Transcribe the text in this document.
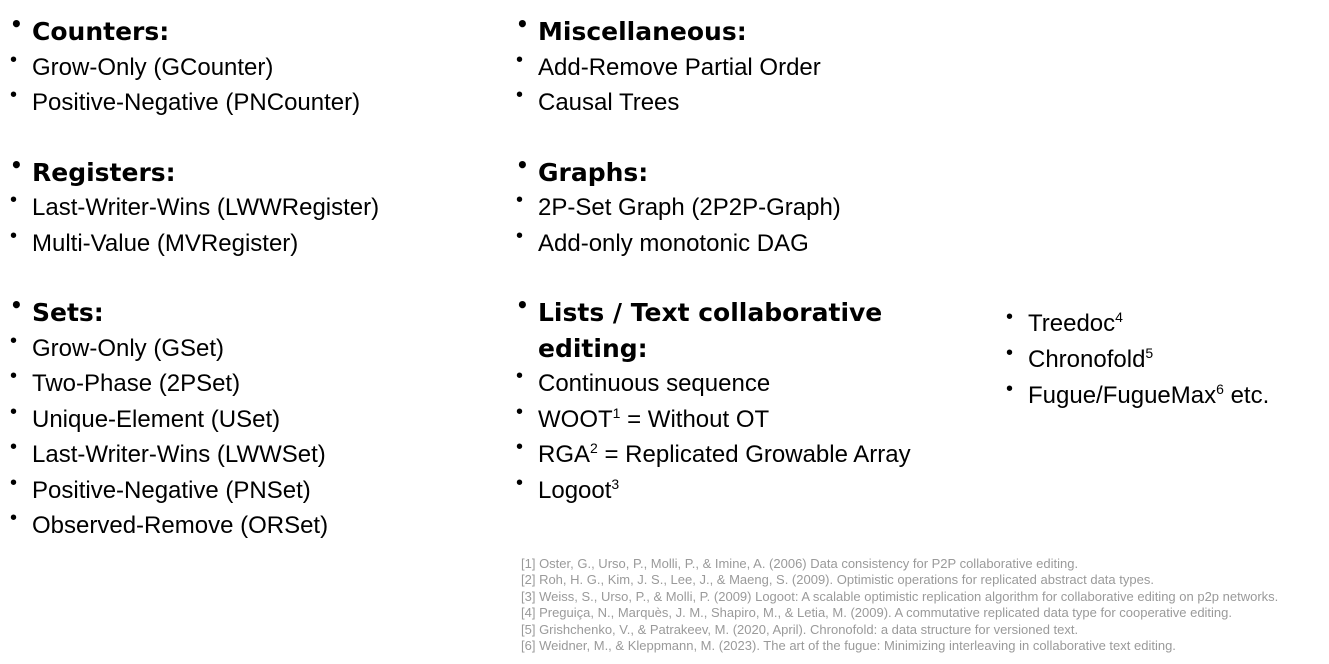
• Counters:
• Grow-Only (GCounter)
• Positive-Negative (PNCounter)
• Registers:
• Last-Writer-Wins (LWWRegister)
• Multi-Value (MVRegister)
• Sets:
• Grow-Only (GSet)
• Two-Phase (2PSet)
• Unique-Element (USet)
• Last-Writer-Wins (LWWSet)
• Positive-Negative (PNSet)
• Observed-Remove (ORSet)
• Miscellaneous:
• Add-Remove Partial Order
• Causal Trees
• Graphs:
• 2P-Set Graph (2P2P-Graph)
• Add-only monotonic DAG
• Lists / Text collaborative
editing:
• Continuous sequence
• $WOOT^1$ = Without OT
• $RGA^2$ = Replicated Growable Array
• Logoot$^3$
• Treedoc$^4$
• Chronofold$^5$
• Fugue/FugueMax$^6$ etc.
[1] Oster, G., Urso, P., Molli, P., & Imine, A. (2006) Data consistency for P2P collaborative editing.
[2] Roh, H. G., Kim, J. S., Lee, J., & Maeng, S. (2009). Optimistic operations for replicated abstract data types.
[3] Weiss, S., Urso, P., & Molli, P. (2009) Logoot: A scalable optimistic replication algorithm for collaborative editing on p2p networks.
[4] Preguiça, N., Marquès, J. M., Shapiro, M., & Letia, M. (2009). A commutative replicated data type for cooperative editing.
[5] Grishchenko, V., & Patrakeev, M. (2020, April). Chronofold: a data structure for versioned text.
[6] Weidner, M., & Kleppmann, M. (2023). The art of the fugue: Minimizing interleaving in collaborative text editing.
